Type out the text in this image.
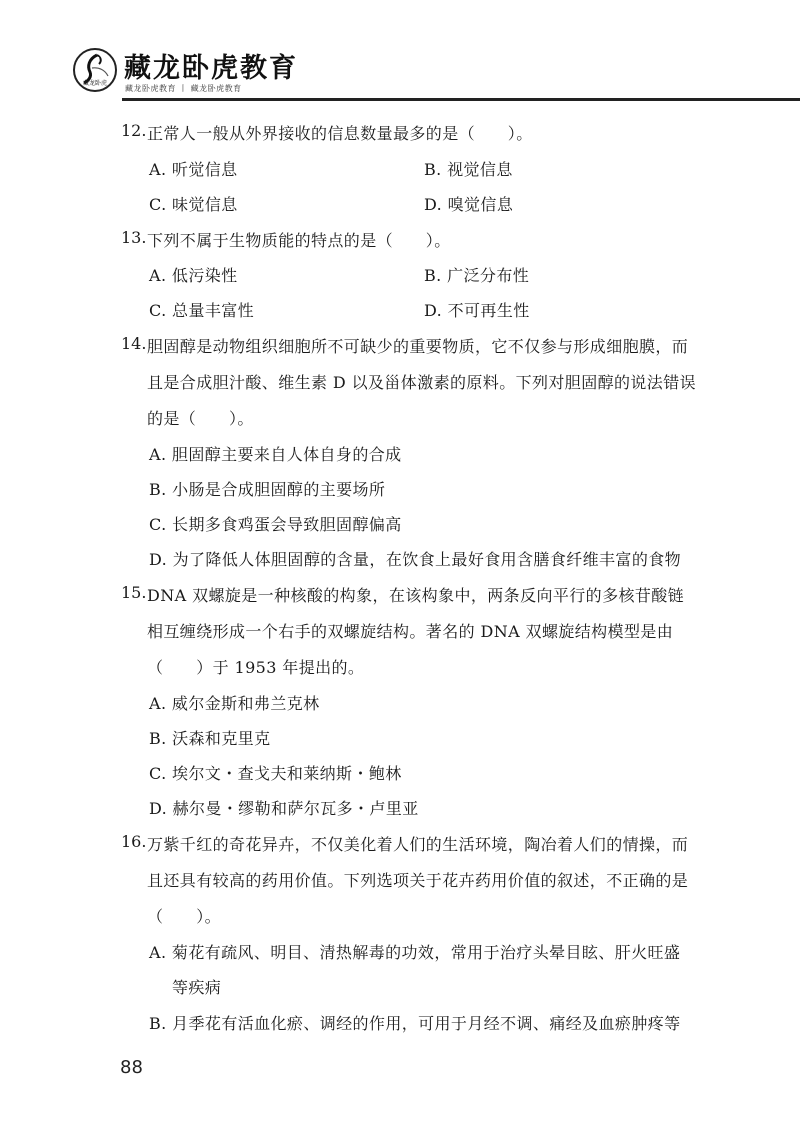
藏龙卧虎 藏龙卧虎教育
藏龙卧虎教育 丨 藏龙卧虎教育
12. 正常人一般从外界接收的信息数量最多的是（　　）。
A. 听觉信息	B. 视觉信息
C. 味觉信息	D. 嗅觉信息
13. 下列不属于生物质能的特点的是（　　）。
A. 低污染性	B. 广泛分布性
C. 总量丰富性	D. 不可再生性
14. 胆固醇是动物组织细胞所不可缺少的重要物质，它不仅参与形成细胞膜，而
且是合成胆汁酸、维生素 D 以及甾体激素的原料。下列对胆固醇的说法错误
的是（　　）。
A. 胆固醇主要来自人体自身的合成
B. 小肠是合成胆固醇的主要场所
C. 长期多食鸡蛋会导致胆固醇偏高
D. 为了降低人体胆固醇的含量，在饮食上最好食用含膳食纤维丰富的食物
15. DNA 双螺旋是一种核酸的构象，在该构象中，两条反向平行的多核苷酸链
相互缠绕形成一个右手的双螺旋结构。著名的 DNA 双螺旋结构模型是由
（　　）于 1953 年提出的。
A. 威尔金斯和弗兰克林
B. 沃森和克里克
C. 埃尔文・查戈夫和莱纳斯・鲍林
D. 赫尔曼・缪勒和萨尔瓦多・卢里亚
16. 万紫千红的奇花异卉，不仅美化着人们的生活环境，陶冶着人们的情操，而
且还具有较高的药用价值。下列选项关于花卉药用价值的叙述，不正确的是
（　　）。
A. 菊花有疏风、明目、清热解毒的功效，常用于治疗头晕目眩、肝火旺盛
等疾病
B. 月季花有活血化瘀、调经的作用，可用于月经不调、痛经及血瘀肿疼等
88
